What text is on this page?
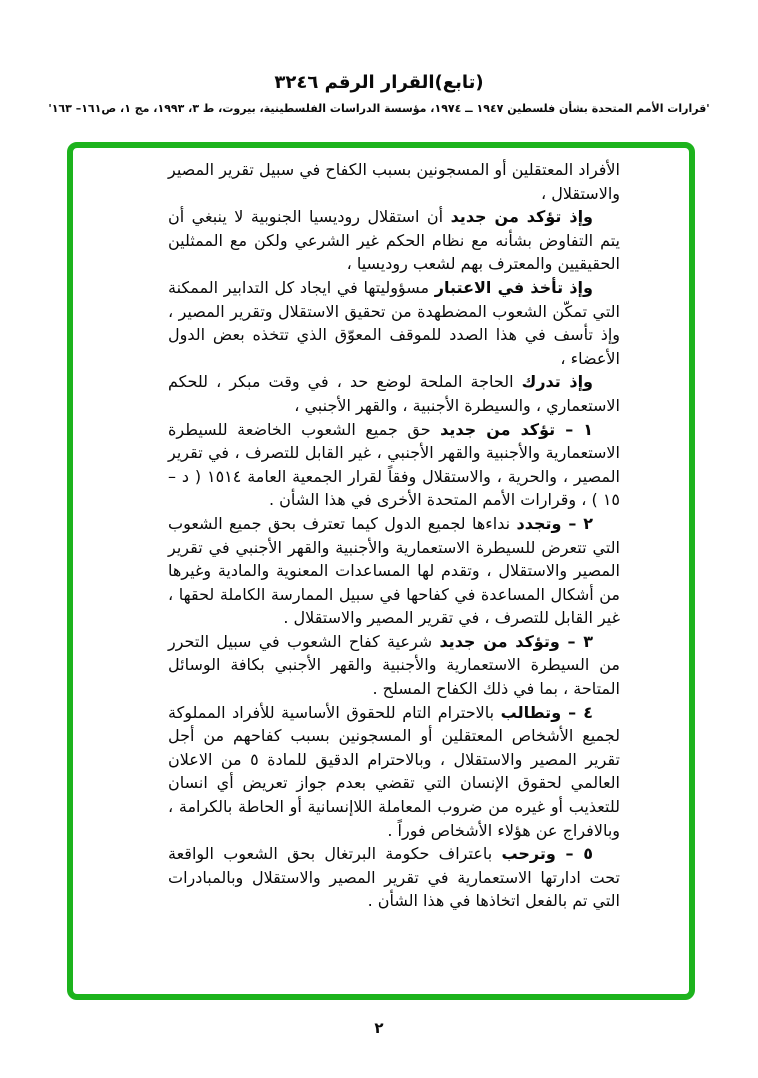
(تابع)القرار الرقم ٣٢٤٦
'قرارات الأمم المتحدة بشأن فلسطين ١٩٤٧ ــ ١٩٧٤، مؤسسة الدراسات الفلسطينية، بيروت، ط ٣، ١٩٩٣، مج ١، ص١٦١– ١٦٣'

الأفراد المعتقلين أو المسجونين بسبب الكفاح في سبيل تقرير المصير والاستقلال ،

وإذ تؤكد من جديد أن استقلال روديسيا الجنوبية لا ينبغي أن يتم التفاوض بشأنه مع نظام الحكم غير الشرعي ولكن مع الممثلين الحقيقيين والمعترف بهم لشعب روديسيا ،

وإذ تأخذ في الاعتبار مسؤوليتها في ايجاد كل التدابير الممكنة التي تمكّن الشعوب المضطهدة من تحقيق الاستقلال وتقرير المصير ، وإذ تأسف في هذا الصدد للموقف المعوّق الذي تتخذه بعض الدول الأعضاء ،

وإذ تدرك الحاجة الملحة لوضع حد ، في وقت مبكر ، للحكم الاستعماري ، والسيطرة الأجنبية ، والقهر الأجنبي ،

١ – تؤكد من جديد حق جميع الشعوب الخاضعة للسيطرة الاستعمارية والأجنبية والقهر الأجنبي ، غير القابل للتصرف ، في تقرير المصير ، والحرية ، والاستقلال وفقاً لقرار الجمعية العامة ١٥١٤ ( د – ١٥ ) ، وقرارات الأمم المتحدة الأخرى في هذا الشأن .

٢ – وتجدد نداءها لجميع الدول كيما تعترف بحق جميع الشعوب التي تتعرض للسيطرة الاستعمارية والأجنبية والقهر الأجنبي في تقرير المصير والاستقلال ، وتقدم لها المساعدات المعنوية والمادية وغيرها من أشكال المساعدة في كفاحها في سبيل الممارسة الكاملة لحقها ، غير القابل للتصرف ، في تقرير المصير والاستقلال .

٣ – وتؤكد من جديد شرعية كفاح الشعوب في سبيل التحرر من السيطرة الاستعمارية والأجنبية والقهر الأجنبي بكافة الوسائل المتاحة ، بما في ذلك الكفاح المسلح .

٤ – وتطالب بالاحترام التام للحقوق الأساسية للأفراد المملوكة لجميع الأشخاص المعتقلين أو المسجونين بسبب كفاحهم من أجل تقرير المصير والاستقلال ، وبالاحترام الدقيق للمادة ٥ من الاعلان العالمي لحقوق الإنسان التي تقضي بعدم جواز تعريض أي انسان للتعذيب أو غيره من ضروب المعاملة اللاإنسانية أو الحاطة بالكرامة ، وبالافراج عن هؤلاء الأشخاص فوراً .

٥ – وترحب باعتراف حكومة البرتغال بحق الشعوب الواقعة تحت ادارتها الاستعمارية في تقرير المصير والاستقلال وبالمبادرات التي تم بالفعل اتخاذها في هذا الشأن .

٢
